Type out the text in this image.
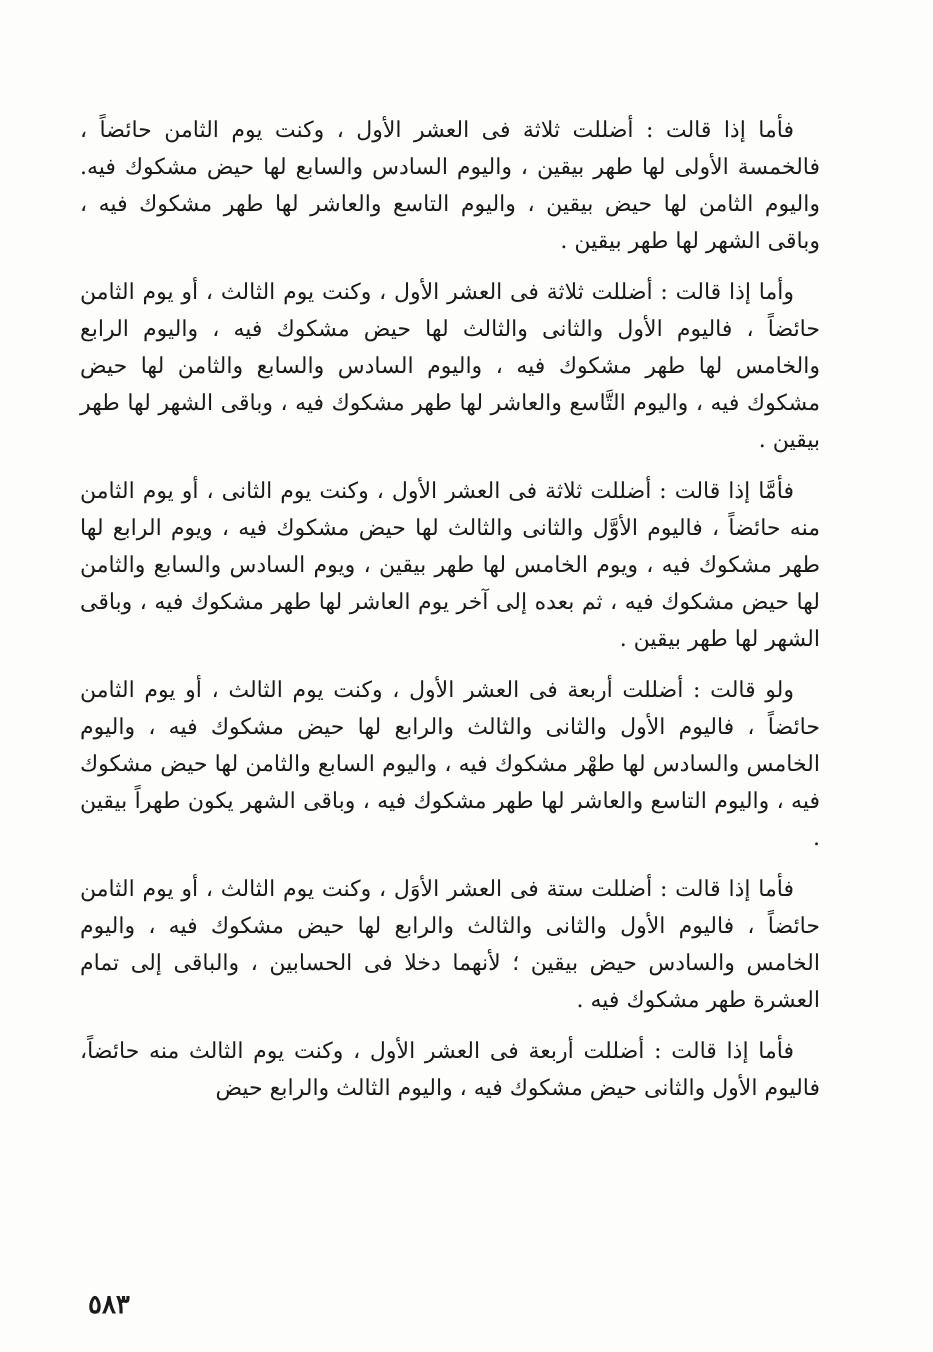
فأما إذا قالت : أضللت ثلاثة فى العشر الأول ، وكنت يوم الثامن حائضاً ، فالخمسة الأولى لها طهر بيقين ، واليوم السادس والسابع لها حيض مشكوك فيه. واليوم الثامن لها حيض بيقين ، واليوم التاسع والعاشر لها طهر مشكوك فيه ، وباقى الشهر لها طهر بيقين .

وأما إذا قالت : أضللت ثلاثة فى العشر الأول ، وكنت يوم الثالث ، أو يوم الثامن حائضاً ، فاليوم الأول والثانى والثالث لها حيض مشكوك فيه ، واليوم الرابع والخامس لها طهر مشكوك فيه ، واليوم السادس والسابع والثامن لها حيض مشكوك فيه ، واليوم التَّاسع والعاشر لها طهر مشكوك فيه ، وباقى الشهر لها طهر بيقين .

فأمَّا إذا قالت : أضللت ثلاثة فى العشر الأول ، وكنت يوم الثانى ، أو يوم الثامن منه حائضاً ، فاليوم الأوَّل والثانى والثالث لها حيض مشكوك فيه ، ويوم الرابع لها طهر مشكوك فيه ، ويوم الخامس لها طهر بيقين ، ويوم السادس والسابع والثامن لها حيض مشكوك فيه ، ثم بعده إلى آخر يوم العاشر لها طهر مشكوك فيه ، وباقى الشهر لها طهر بيقين .

ولو قالت : أضللت أربعة فى العشر الأول ، وكنت يوم الثالث ، أو يوم الثامن حائضاً ، فاليوم الأول والثانى والثالث والرابع لها حيض مشكوك فيه ، واليوم الخامس والسادس لها طهْر مشكوك فيه ، واليوم السابع والثامن لها حيض مشكوك فيه ، واليوم التاسع والعاشر لها طهر مشكوك فيه ، وباقى الشهر يكون طهراً بيقين .

فأما إذا قالت : أضللت ستة فى العشر الأوَل ، وكنت يوم الثالث ، أو يوم الثامن حائضاً ، فاليوم الأول والثانى والثالث والرابع لها حيض مشكوك فيه ، واليوم الخامس والسادس حيض بيقين ؛ لأنهما دخلا فى الحسابين ، والباقى إلى تمام العشرة طهر مشكوك فيه .

فأما إذا قالت : أضللت أربعة فى العشر الأول ، وكنت يوم الثالث منه حائضاً، فاليوم الأول والثانى حيض مشكوك فيه ، واليوم الثالث والرابع حيض

٥٨٣
